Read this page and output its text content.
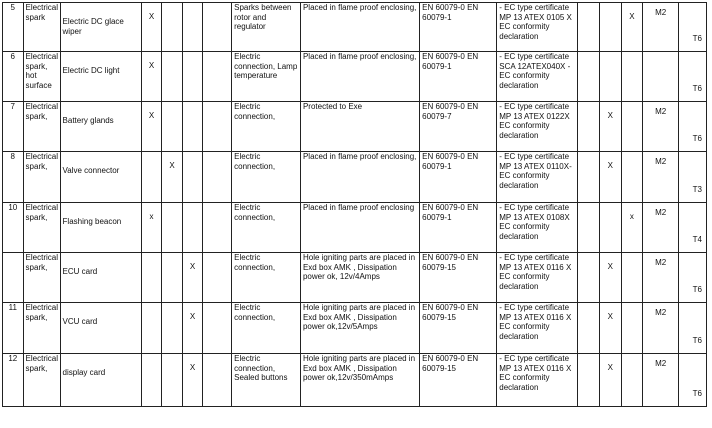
5	Electrical spark	Electric DC glace wiper	X				Sparks between rotor and regulator	Placed in flame proof enclosing,	EN 60079-0 EN 60079-1	- EC type certificate MP 13 ATEX 0105 X EC conformity declaration			X	M2	T6
6	Electrical spark, hot surface	Electric DC light	X				Electric connection, Lamp temperature	Placed in flame proof enclosing,	EN 60079-0 EN 60079-1	- EC type certificate SCA 12ATEX040X - EC conformity declaration					T6
7	Electrical spark,	Battery glands	X				Electric connection,	Protected to Exe	EN 60079-0 EN 60079-7	- EC type certificate MP 13 ATEX 0122X EC conformity declaration		X		M2	T6
8	Electrical spark,	Valve connector		X			Electric connection,	Placed in flame proof enclosing,	EN 60079-0 EN 60079-1	- EC type certificate MP 13 ATEX 0110X- EC conformity declaration		X		M2	T3
10	Electrical spark,	Flashing beacon	x				Electric connection,	Placed in flame proof enclosing	EN 60079-0 EN 60079-1	- EC type certificate MP 13 ATEX 0108X EC conformity declaration			x	M2	T4
	Electrical spark,	ECU card			X		Electric connection,	Hole igniting parts are placed in Exd box AMK , Dissipation power ok, 12v/4Amps	EN 60079-0 EN 60079-15	- EC type certificate MP 13 ATEX 0116 X EC conformity declaration		X		M2	T6
11	Electrical spark,	VCU card			X		Electric connection,	Hole igniting parts are placed in Exd box AMK , Dissipation power ok,12v/5Amps	EN 60079-0 EN 60079-15	- EC type certificate MP 13 ATEX 0116 X EC conformity declaration		X		M2	T6
12	Electrical spark,	display card			X		Electric connection, Sealed buttons	Hole igniting parts are placed in Exd box AMK , Dissipation power ok,12v/350mAmps	EN 60079-0 EN 60079-15	- EC type certificate MP 13 ATEX 0116 X EC conformity declaration		X		M2	T6
